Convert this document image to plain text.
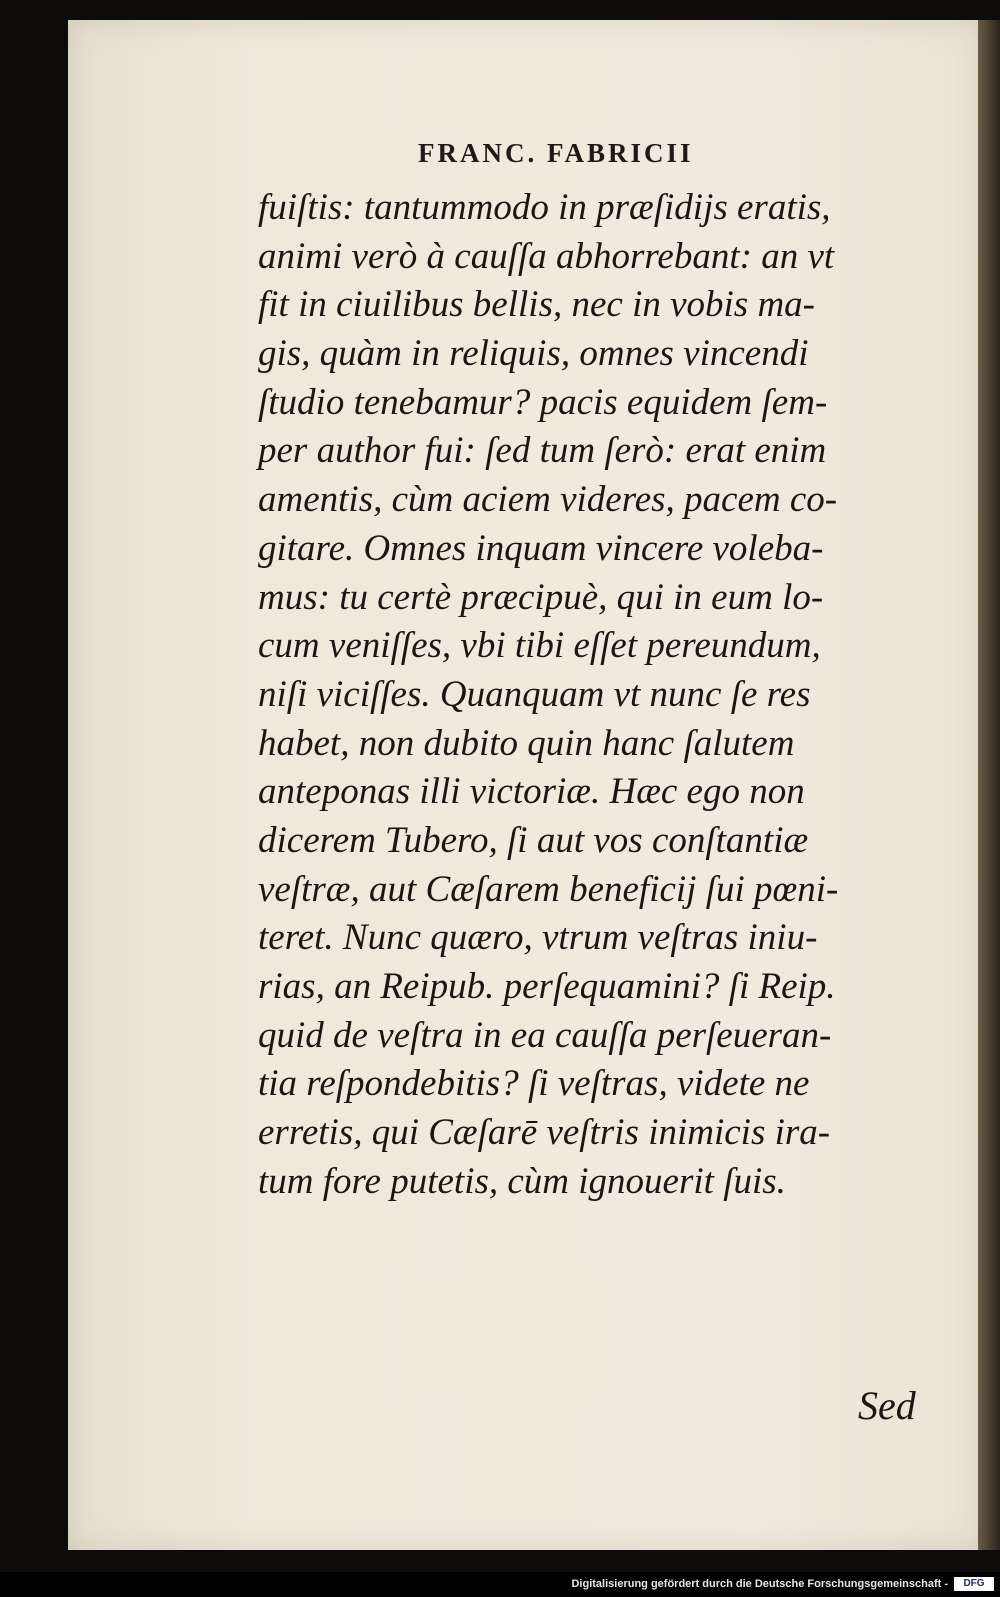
FRANC. FABRICII
fuiſtis: tantummodo in præſidijs eratis,
animi verò à cauſſa abhorrebant: an vt
fit in ciuilibus bellis, nec in vobis ma-
gis, quàm in reliquis, omnes vincendi
ſtudio tenebamur? pacis equidem ſem-
per author fui: ſed tum ſerò: erat enim
amentis, cùm aciem videres, pacem co-
gitare. Omnes inquam vincere voleba-
mus: tu certè præcipuè, qui in eum lo-
cum veniſſes, vbi tibi eſſet pereundum,
niſi viciſſes. Quanquam vt nunc ſe res
habet, non dubito quin hanc ſalutem
anteponas illi victoriæ. Hæc ego non
dicerem Tubero, ſi aut vos conſtantiæ
veſtræ, aut Cæſarem beneficij ſui pœni-
teret. Nunc quæro, vtrum veſtras iniu-
rias, an Reipub. perſequamini? ſi Reip.
quid de veſtra in ea cauſſa perſeueran-
tia reſpondebitis? ſi veſtras, videte ne
erretis, qui Cæſarē veſtris inimicis ira-
tum fore putetis, cùm ignouerit ſuis.
Sed
Digitalisierung gefördert durch die Deutsche Forschungsgemeinschaft -	DFG
